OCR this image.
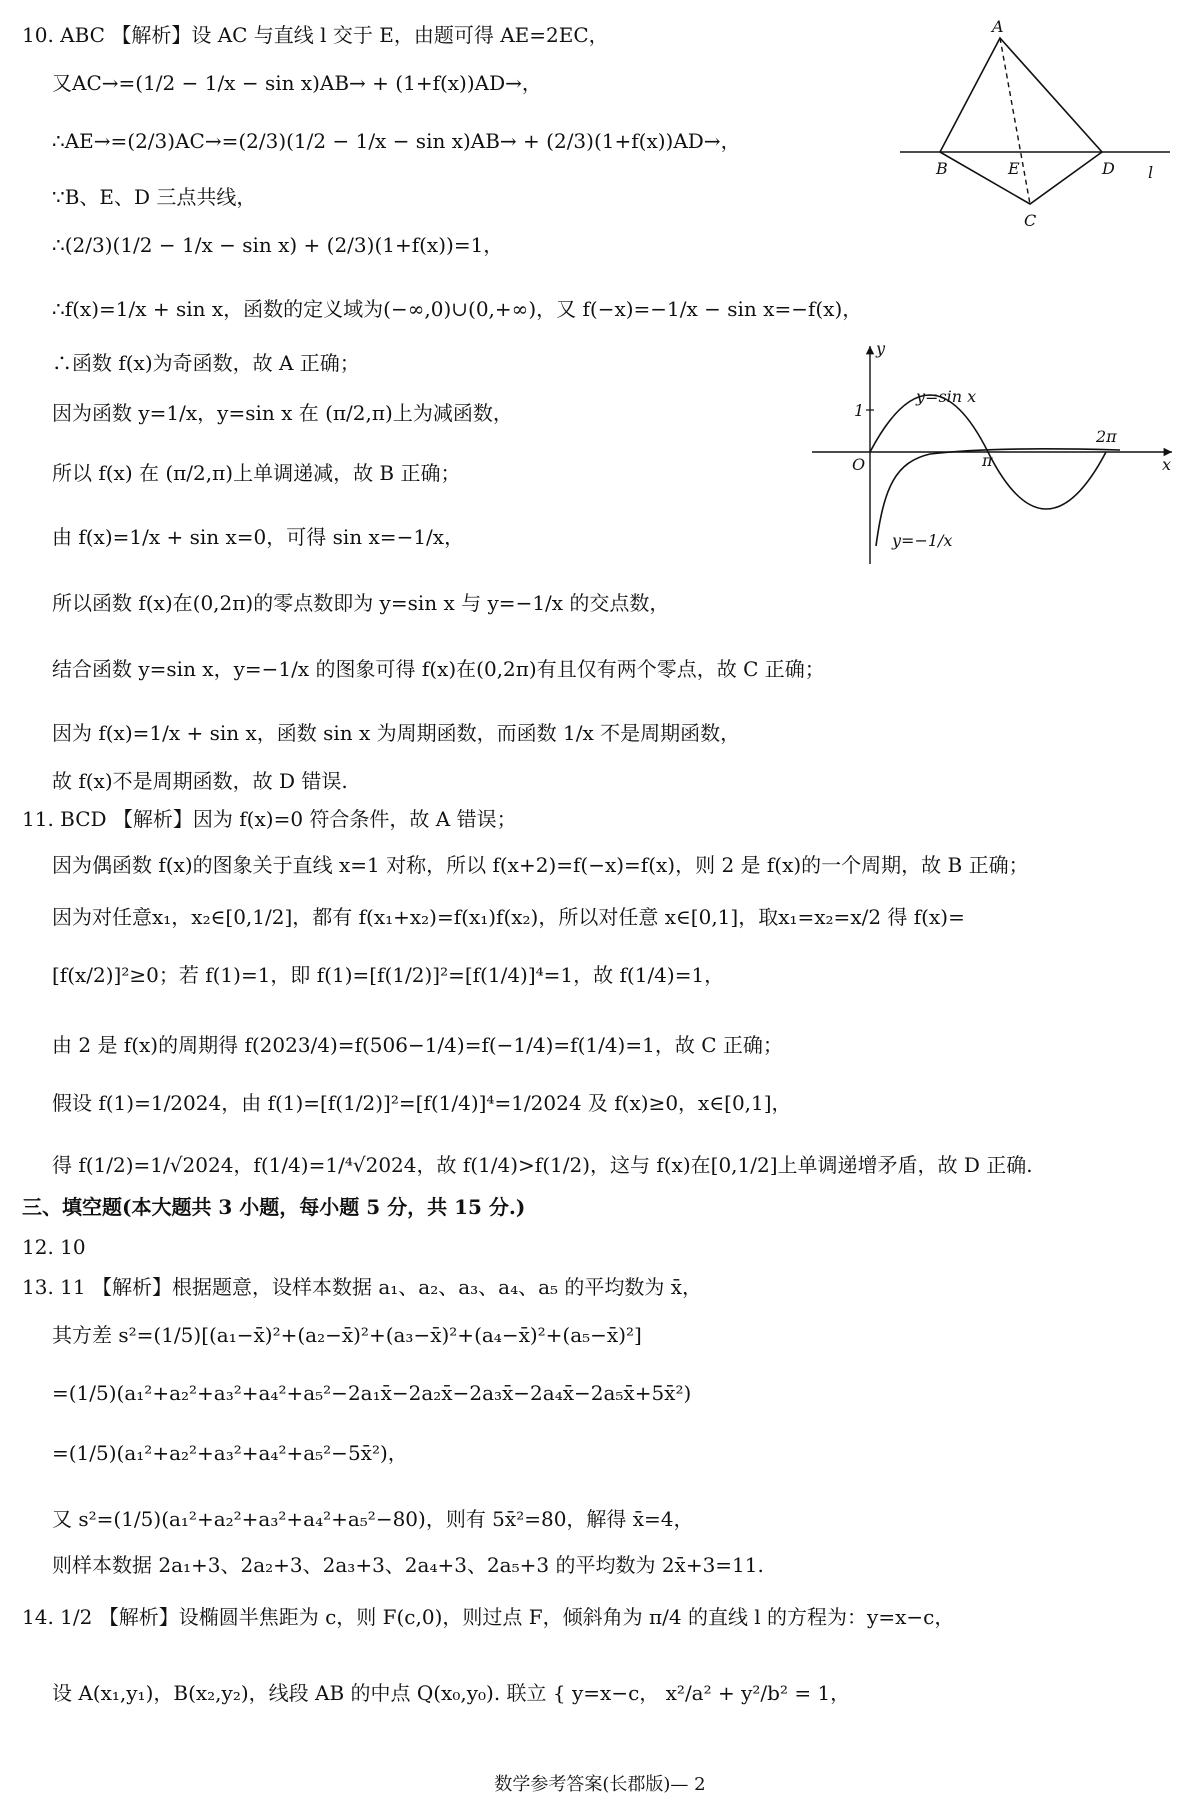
10. ABC 【解析】设 AC 与直线 l 交于 E，由题可得 AE=2EC，
又AC→=(1/2 − 1/x − sin x)AB→ + (1+f(x))AD→，
∴AE→=(2/3)AC→=(2/3)(1/2 − 1/x − sin x)AB→ + (2/3)(1+f(x))AD→，
∵B、E、D 三点共线，
∴(2/3)(1/2 − 1/x − sin x) + (2/3)(1+f(x))=1，
∴f(x)=1/x + sin x，函数的定义域为(−∞,0)∪(0,+∞)，又 f(−x)=−1/x − sin x=−f(x)，
∴函数 f(x)为奇函数，故 A 正确；
因为函数 y=1/x，y=sin x 在 (π/2,π)上为减函数，
所以 f(x) 在 (π/2,π)上单调递减，故 B 正确；
由 f(x)=1/x + sin x=0，可得 sin x=−1/x，
所以函数 f(x)在(0,2π)的零点数即为 y=sin x 与 y=−1/x 的交点数，
结合函数 y=sin x，y=−1/x 的图象可得 f(x)在(0,2π)有且仅有两个零点，故 C 正确；
因为 f(x)=1/x + sin x，函数 sin x 为周期函数，而函数 1/x 不是周期函数，
故 f(x)不是周期函数，故 D 错误.
11. BCD 【解析】因为 f(x)=0 符合条件，故 A 错误；
因为偶函数 f(x)的图象关于直线 x=1 对称，所以 f(x+2)=f(−x)=f(x)，则 2 是 f(x)的一个周期，故 B 正确；
因为对任意x₁，x₂∈[0,1/2]，都有 f(x₁+x₂)=f(x₁)f(x₂)，所以对任意 x∈[0,1]，取x₁=x₂=x/2 得 f(x)=
[f(x/2)]²≥0；若 f(1)=1，即 f(1)=[f(1/2)]²=[f(1/4)]⁴=1，故 f(1/4)=1，
由 2 是 f(x)的周期得 f(2023/4)=f(506−1/4)=f(−1/4)=f(1/4)=1，故 C 正确；
假设 f(1)=1/2024，由 f(1)=[f(1/2)]²=[f(1/4)]⁴=1/2024 及 f(x)≥0，x∈[0,1]，
得 f(1/2)=1/√2024，f(1/4)=1/⁴√2024，故 f(1/4)>f(1/2)，这与 f(x)在[0,1/2]上单调递增矛盾，故 D 正确.
三、填空题(本大题共 3 小题，每小题 5 分，共 15 分.)
12. 10
13. 11 【解析】根据题意，设样本数据 a₁、a₂、a₃、a₄、a₅ 的平均数为 x̄，
其方差 s²=(1/5)[(a₁−x̄)²+(a₂−x̄)²+(a₃−x̄)²+(a₄−x̄)²+(a₅−x̄)²]
=(1/5)(a₁²+a₂²+a₃²+a₄²+a₅²−2a₁x̄−2a₂x̄−2a₃x̄−2a₄x̄−2a₅x̄+5x̄²)
=(1/5)(a₁²+a₂²+a₃²+a₄²+a₅²−5x̄²)，
又 s²=(1/5)(a₁²+a₂²+a₃²+a₄²+a₅²−80)，则有 5x̄²=80，解得 x̄=4，
则样本数据 2a₁+3、2a₂+3、2a₃+3、2a₄+3、2a₅+3 的平均数为 2x̄+3=11.
14. 1/2 【解析】设椭圆半焦距为 c，则 F(c,0)，则过点 F，倾斜角为 π/4 的直线 l 的方程为：y=x−c，
设 A(x₁,y₁)，B(x₂,y₂)，线段 AB 的中点 Q(x₀,y₀). 联立 { y=x−c， x²/a² + y²/b² = 1，
A
B	E	D
C
l
y
x
1
O	π
2π
y=sin x
y=−1/x
数学参考答案(长郡版)— 2
